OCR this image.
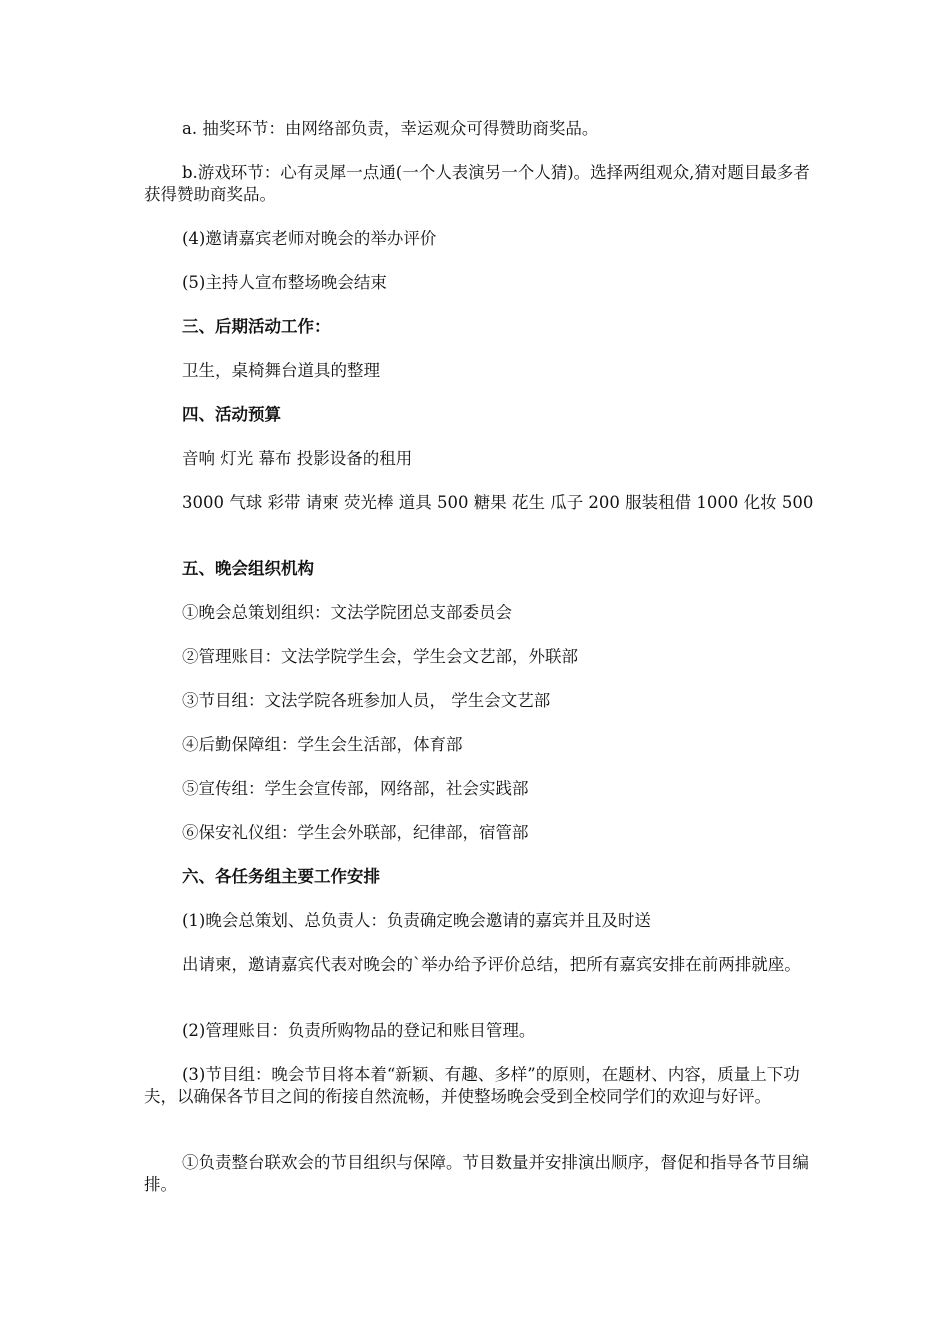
a. 抽奖环节：由网络部负责，幸运观众可得赞助商奖品。

b.游戏环节：心有灵犀一点通(一个人表演另一个人猜)。选择两组观众,猜对题目最多者获得赞助商奖品。

(4)邀请嘉宾老师对晚会的举办评价

(5)主持人宣布整场晚会结束

三、后期活动工作：

卫生，桌椅舞台道具的整理

四、活动预算

音响 灯光 幕布 投影设备的租用

3000 气球 彩带 请柬 荧光棒 道具 500 糖果 花生 瓜子 200 服装租借 1000 化妆 500

五、晚会组织机构

①晚会总策划组织：文法学院团总支部委员会

②管理账目：文法学院学生会，学生会文艺部，外联部

③节目组：文法学院各班参加人员， 学生会文艺部

④后勤保障组：学生会生活部，体育部

⑤宣传组：学生会宣传部，网络部，社会实践部

⑥保安礼仪组：学生会外联部，纪律部，宿管部

六、各任务组主要工作安排

(1)晚会总策划、总负责人：负责确定晚会邀请的嘉宾并且及时送

出请柬，邀请嘉宾代表对晚会的`举办给予评价总结，把所有嘉宾安排在前两排就座。

(2)管理账目：负责所购物品的登记和账目管理。

(3)节目组：晚会节目将本着“新颖、有趣、多样”的原则，在题材、内容，质量上下功夫，以确保各节目之间的衔接自然流畅，并使整场晚会受到全校同学们的欢迎与好评。

①负责整台联欢会的节目组织与保障。节目数量并安排演出顺序，督促和指导各节目编排。
